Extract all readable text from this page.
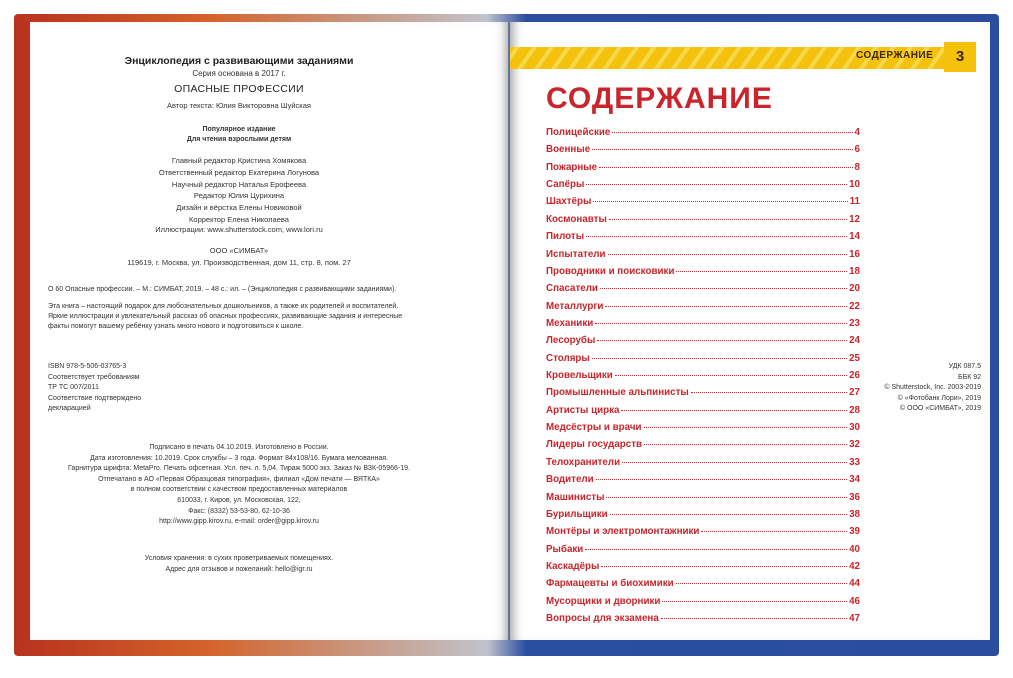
Энциклопедия с развивающими заданиями
Серия основана в 2017 г.
ОПАСНЫЕ ПРОФЕССИИ
Автор текста: Юлия Викторовна Шуйская
Популярное издание
Для чтения взрослыми детям
Главный редактор Кристина Хомякова
Ответственный редактор Екатерина Логунова
Научный редактор Наталья Ерофеева
Редактор Юлия Цурихина
Дизайн и вёрстка Елены Новиковой
Корректор Елена Николаева
Иллюстрации: www.shutterstock.com, www.lori.ru
ООО «СИМБАТ»
119619, г. Москва, ул. Производственная, дом 11, стр. 8, пом. 27
О 60 Опасные профессии. – М.: СИМБАТ, 2019. – 48 с.: ил. – (Энциклопедия с развивающими заданиями).
Эта книга – настоящий подарок для любознательных дошкольников, а также их родителей и воспитателей.
Яркие иллюстрации и увлекательный рассказ об опасных профессиях, развивающие задания и интересные
факты помогут вашему ребёнку узнать много нового и подготовиться к школе.
ISBN 978-5-506-03765-3
Соответствует требованиям
ТР ТС 007/2011
Соответствие подтверждено
декларацией
УДК 087.5
ББК 92
© Shutterstock, Inc. 2003-2019
© «Фотобанк Лори», 2019
© ООО «СИМБАТ», 2019
Подписано в печать 04.10.2019. Изготовлено в России.
Дата изготовления: 10.2019. Срок службы – 3 года. Формат 84х108/16. Бумага мелованная.
Гарнитура шрифта: MetaPro. Печать офсетная. Усл. печ. л. 5,04. Тираж 5000 экз. Заказ № ВЗК-05966-19.
Отпечатано в АО «Первая Образцовая типография», филиал «Дом печати — ВЯТКА»
в полном соответствии с качеством предоставленных материалов
610033, г. Киров, ул. Московская, 122,
Факс: (8332) 53-53-80, 62-10-36
http://www.gipp.kirov.ru, e-mail: order@gipp.kirov.ru
Условия хранения: в сухих проветриваемых помещениях.
Адрес для отзывов и пожеланий: hello@igr.ru
СОДЕРЖАНИЕ	3
СОДЕРЖАНИЕ
Полицейские	4
Военные	6
Пожарные	8
Сапёры	10
Шахтёры	11
Космонавты	12
Пилоты	14
Испытатели	16
Проводники и поисковики	18
Спасатели	20
Металлурги	22
Механики	23
Лесорубы	24
Столяры	25
Кровельщики	26
Промышленные альпинисты	27
Артисты цирка	28
Медсёстры и врачи	30
Лидеры государств	32
Телохранители	33
Водители	34
Машинисты	36
Бурильщики	38
Монтёры и электромонтажники	39
Рыбаки	40
Каскадёры	42
Фармацевты и биохимики	44
Мусорщики и дворники	46
Вопросы для экзамена	47
